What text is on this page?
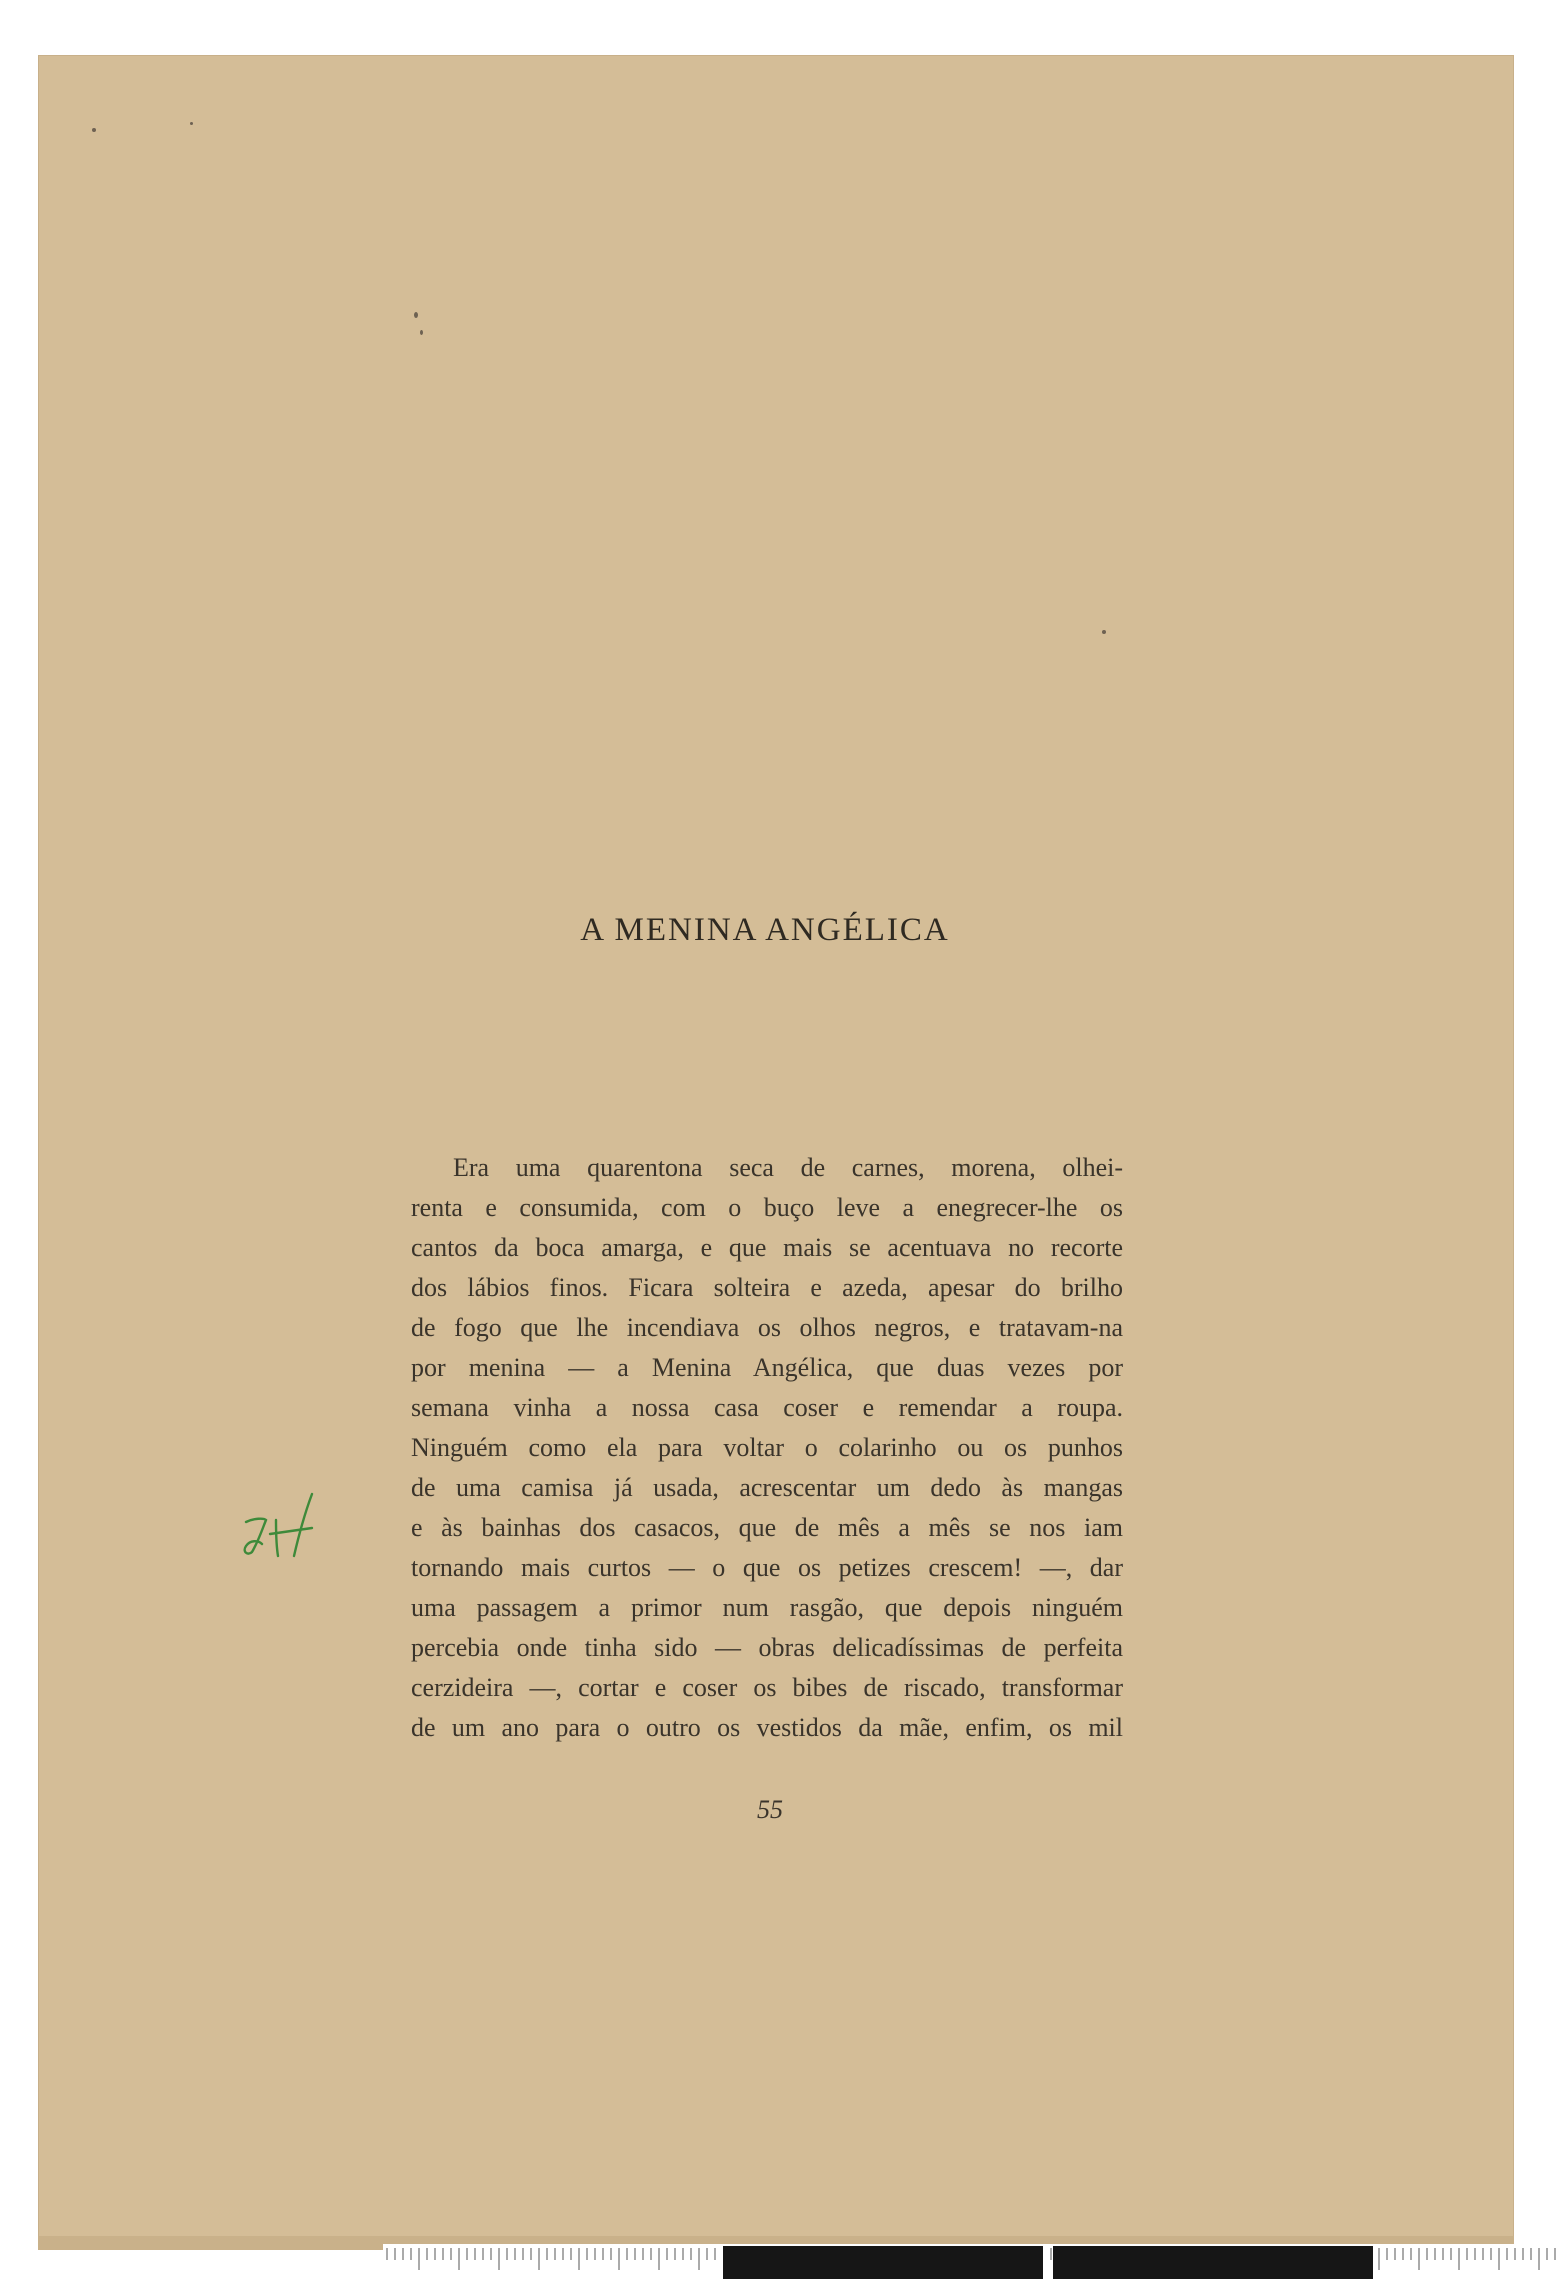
A MENINA ANGÉLICA
Era uma quarentona seca de carnes, morena, olhei-
renta e consumida, com o buço leve a enegrecer-lhe os
cantos da boca amarga, e que mais se acentuava no recorte
dos lábios finos. Ficara solteira e azeda, apesar do brilho
de fogo que lhe incendiava os olhos negros, e tratavam-na
por menina — a Menina Angélica, que duas vezes por
semana vinha a nossa casa coser e remendar a roupa.
Ninguém como ela para voltar o colarinho ou os punhos
de uma camisa já usada, acrescentar um dedo às mangas
e às bainhas dos casacos, que de mês a mês se nos iam
tornando mais curtos — o que os petizes crescem! —, dar
uma passagem a primor num rasgão, que depois ninguém
percebia onde tinha sido — obras delicadíssimas de perfeita
cerzideira —, cortar e coser os bibes de riscado, transformar
de um ano para o outro os vestidos da mãe, enfim, os mil
55
